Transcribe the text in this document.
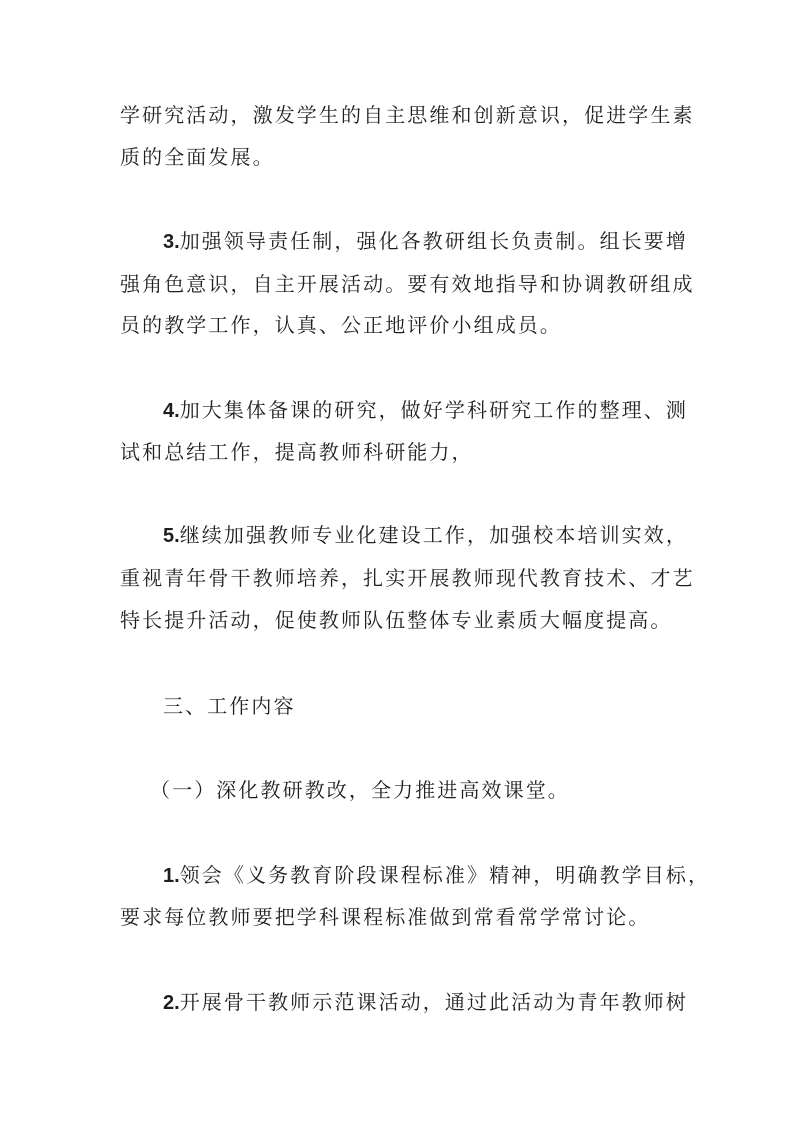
学研究活动，激发学生的自主思维和创新意识，促进学生素
质的全面发展。
3.加强领导责任制，强化各教研组长负责制。组长要增
强角色意识，自主开展活动。要有效地指导和协调教研组成
员的教学工作，认真、公正地评价小组成员。
4.加大集体备课的研究，做好学科研究工作的整理、测
试和总结工作，提高教师科研能力，
5.继续加强教师专业化建设工作，加强校本培训实效，
重视青年骨干教师培养，扎实开展教师现代教育技术、才艺
特长提升活动，促使教师队伍整体专业素质大幅度提高。
三、工作内容
（一）深化教研教改，全力推进高效课堂。
1.领会《义务教育阶段课程标准》精神，明确教学目标，
要求每位教师要把学科课程标准做到常看常学常讨论。
2.开展骨干教师示范课活动，通过此活动为青年教师树
